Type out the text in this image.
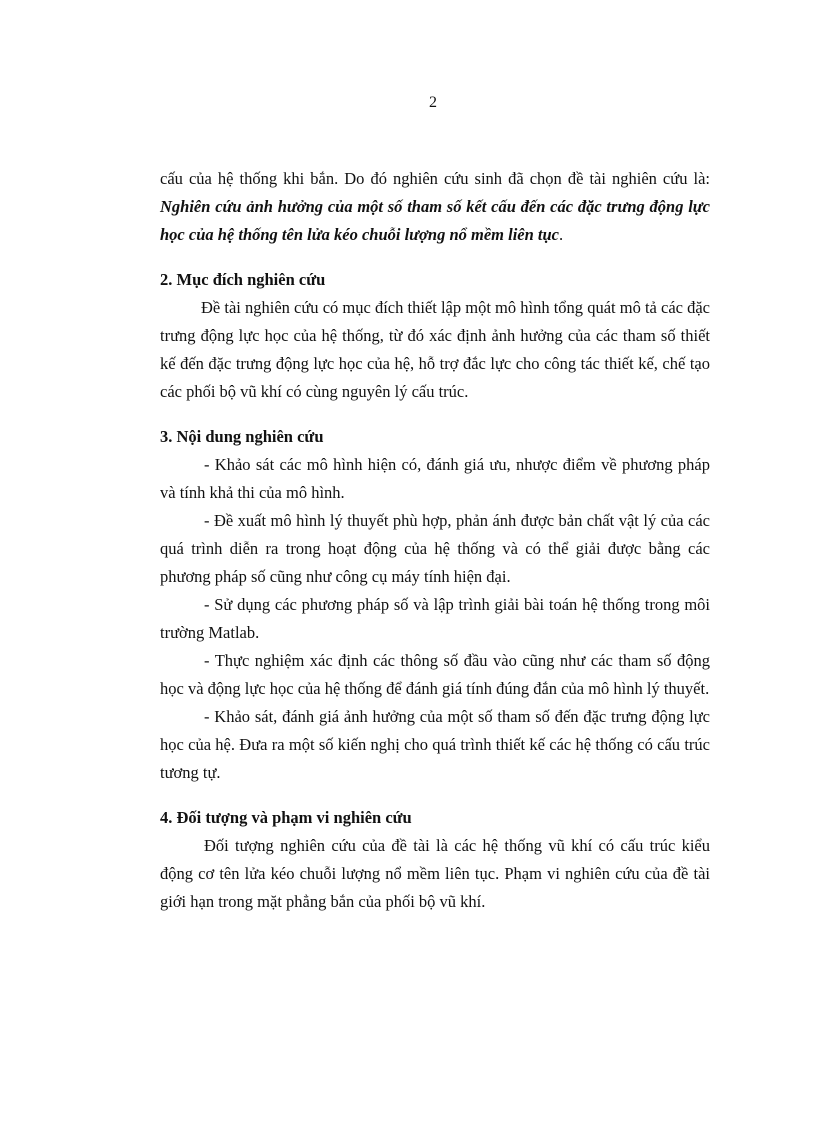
2

cấu của hệ thống khi bắn. Do đó nghiên cứu sinh đã chọn đề tài nghiên cứu là: Nghiên cứu ảnh hưởng của một số tham số kết cấu đến các đặc trưng động lực học của hệ thống tên lửa kéo chuỗi lượng nổ mềm liên tục.

2. Mục đích nghiên cứu

Đề tài nghiên cứu có mục đích thiết lập một mô hình tổng quát mô tả các đặc trưng động lực học của hệ thống, từ đó xác định ảnh hưởng của các tham số thiết kế đến đặc trưng động lực học của hệ, hỗ trợ đắc lực cho công tác thiết kế, chế tạo các phối bộ vũ khí có cùng nguyên lý cấu trúc.

3. Nội dung nghiên cứu

- Khảo sát các mô hình hiện có, đánh giá ưu, nhược điểm về phương pháp và tính khả thi của mô hình.

- Đề xuất mô hình lý thuyết phù hợp, phản ánh được bản chất vật lý của các quá trình diễn ra trong hoạt động của hệ thống và có thể giải được bằng các phương pháp số cũng như công cụ máy tính hiện đại.

- Sử dụng các phương pháp số và lập trình giải bài toán hệ thống trong môi trường Matlab.

- Thực nghiệm xác định các thông số đầu vào cũng như các tham số động học và động lực học của hệ thống để đánh giá tính đúng đắn của mô hình lý thuyết.

- Khảo sát, đánh giá ảnh hưởng của một số tham số đến đặc trưng động lực học của hệ. Đưa ra một số kiến nghị cho quá trình thiết kế các hệ thống có cấu trúc tương tự.

4. Đối tượng và phạm vi nghiên cứu

Đối tượng nghiên cứu của đề tài là các hệ thống vũ khí có cấu trúc kiểu động cơ tên lửa kéo chuỗi lượng nổ mềm liên tục. Phạm vi nghiên cứu của đề tài giới hạn trong mặt phẳng bắn của phối bộ vũ khí.
